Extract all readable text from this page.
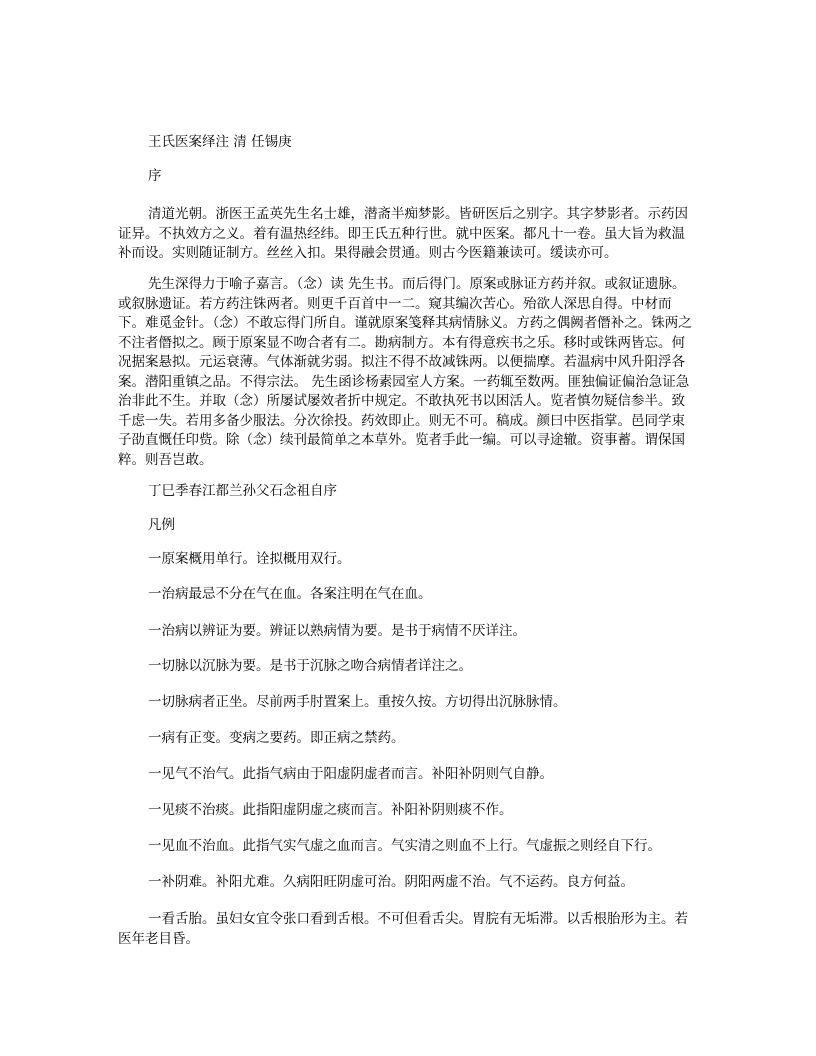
王氏医案绎注 清 任锡庚

序

清道光朝。浙医王孟英先生名士雄，潜斋半痴梦影。皆研医后之别字。其字梦影者。示药因证异。不执效方之义。着有温热经纬。即王氏五种行世。就中医案。都凡十一卷。虽大旨为救温补而设。实则随证制方。丝丝入扣。果得融会贯通。则古今医籍兼读可。缓读亦可。

先生深得力于喻子嘉言。（念）读 先生书。而后得门。原案或脉证方药并叙。或叙证遗脉。或叙脉遗证。若方药注铢两者。则更千百首中一二。窥其编次苦心。殆欲人深思自得。中材而下。难觅金针。（念）不敢忘得门所自。谨就原案笺释其病情脉义。方药之偶阙者僭补之。铢两之不注者僭拟之。顾于原案显不吻合者有二。勘病制方。本有得意疾书之乐。移时或铢两皆忘。何况据案悬拟。元运衰薄。气体渐就劣弱。拟注不得不故减铢两。以便揣摩。若温病中风升阳浮各案。潜阳重镇之品。不得宗法。 先生函诊杨素园室人方案。一药辄至数两。匪独偏证偏治急证急治非此不生。并取（念）所屡试屡效者折中规定。不敢执死书以困活人。览者慎勿疑信参半。致千虑一失。若用多备少服法。分次徐投。药效即止。则无不可。稿成。颜曰中医指掌。邑同学束子劭直慨任印赀。除（念）续刊最简单之本草外。览者手此一编。可以寻途辙。资事蓄。谓保国粹。则吾岂敢。

丁巳季春江都兰孙父石念祖自序

凡例

一原案概用单行。诠拟概用双行。

一治病最忌不分在气在血。各案注明在气在血。

一治病以辨证为要。辨证以熟病情为要。是书于病情不厌详注。

一切脉以沉脉为要。是书于沉脉之吻合病情者详注之。

一切脉病者正坐。尽前两手肘置案上。重按久按。方切得出沉脉脉情。

一病有正变。变病之要药。即正病之禁药。

一见气不治气。此指气病由于阳虚阴虚者而言。补阳补阴则气自静。

一见痰不治痰。此指阳虚阴虚之痰而言。补阳补阴则痰不作。

一见血不治血。此指气实气虚之血而言。气实清之则血不上行。气虚振之则经自下行。

一补阴难。补阳尤难。久病阳旺阴虚可治。阴阳两虚不治。气不运药。良方何益。

一看舌胎。虽妇女宜令张口看到舌根。不可但看舌尖。胃脘有无垢滞。以舌根胎形为主。若医年老目昏。
